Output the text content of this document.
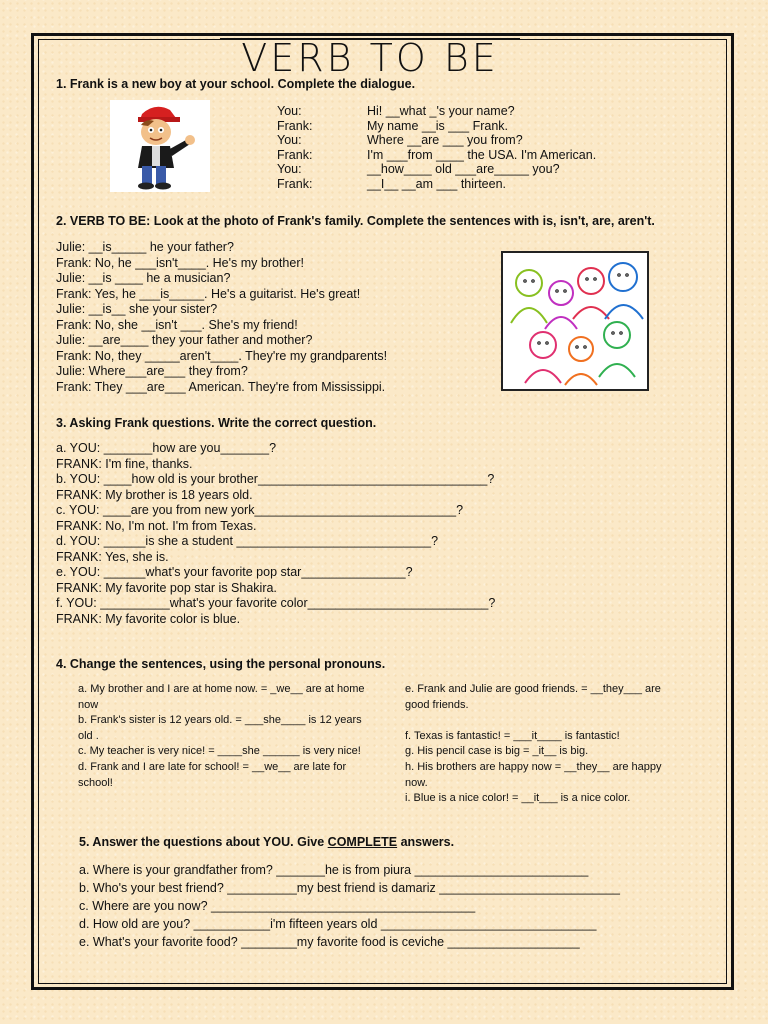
VERB TO BE
1. Frank is a new boy at your school. Complete the dialogue.
You:	Hi! __what _'s your name?
Frank:	My name __is ___ Frank.
You:	Where __are ___ you from?
Frank:	I'm ___from ____ the USA. I'm American.
You:	__how____ old ___are_____ you?
Frank:	__I__ __am ___ thirteen.
2. VERB TO BE: Look at the photo of Frank's family. Complete the sentences with is, isn't, are, aren't.
Julie: __is_____ he your father?
Frank: No, he ___isn't____. He's my brother!
Julie: __is ____ he a musician?
Frank: Yes, he ___is_____. He's a guitarist. He's great!
Julie: __is__ she your sister?
Frank: No, she __isn't ___. She's my friend!
Julie: __are____ they your father and mother?
Frank: No, they _____aren't____. They're my grandparents!
Julie: Where___are___ they from?
Frank: They ___are___ American. They're from Mississippi.
3. Asking Frank questions. Write the correct question.
a. YOU: _______how are you_______?
FRANK: I'm fine, thanks.
b. YOU: ____how old is your brother_________________________________?
FRANK: My brother is 18 years old.
c. YOU: ____are you from new york_____________________________?
FRANK: No, I'm not. I'm from Texas.
d. YOU: ______is she a student ____________________________?
FRANK: Yes, she is.
e. YOU: ______what's your favorite pop star_______________?
FRANK: My favorite pop star is Shakira.
f. YOU: __________what's your favorite color__________________________?
FRANK: My favorite color is blue.
4. Change the sentences, using the personal pronouns.
a. My brother and I are at home now. = _we__ are at home
now
b. Frank's sister is 12 years old. = ___she____ is 12 years
old .
c. My teacher is very nice! = ____she ______ is very nice!
d. Frank and I are late for school! = __we__ are late for
school!
e. Frank and Julie are good friends. = __they___ are
good friends.
f. Texas is fantastic! = ___it____ is fantastic!
g. His pencil case is big = _it__ is big.
h. His brothers are happy now = __they__ are happy
now.
i. Blue is a nice color! = __it___ is a nice color.
5. Answer the questions about YOU. Give COMPLETE answers.
a. Where is your grandfather from? _______he is from piura _________________________
b. Who's your best friend? __________my best friend is damariz __________________________
c. Where are you now? ______________________________________
d. How old are you? ___________i'm fifteen years old _______________________________
e. What's your favorite food? ________my favorite food is ceviche ___________________
